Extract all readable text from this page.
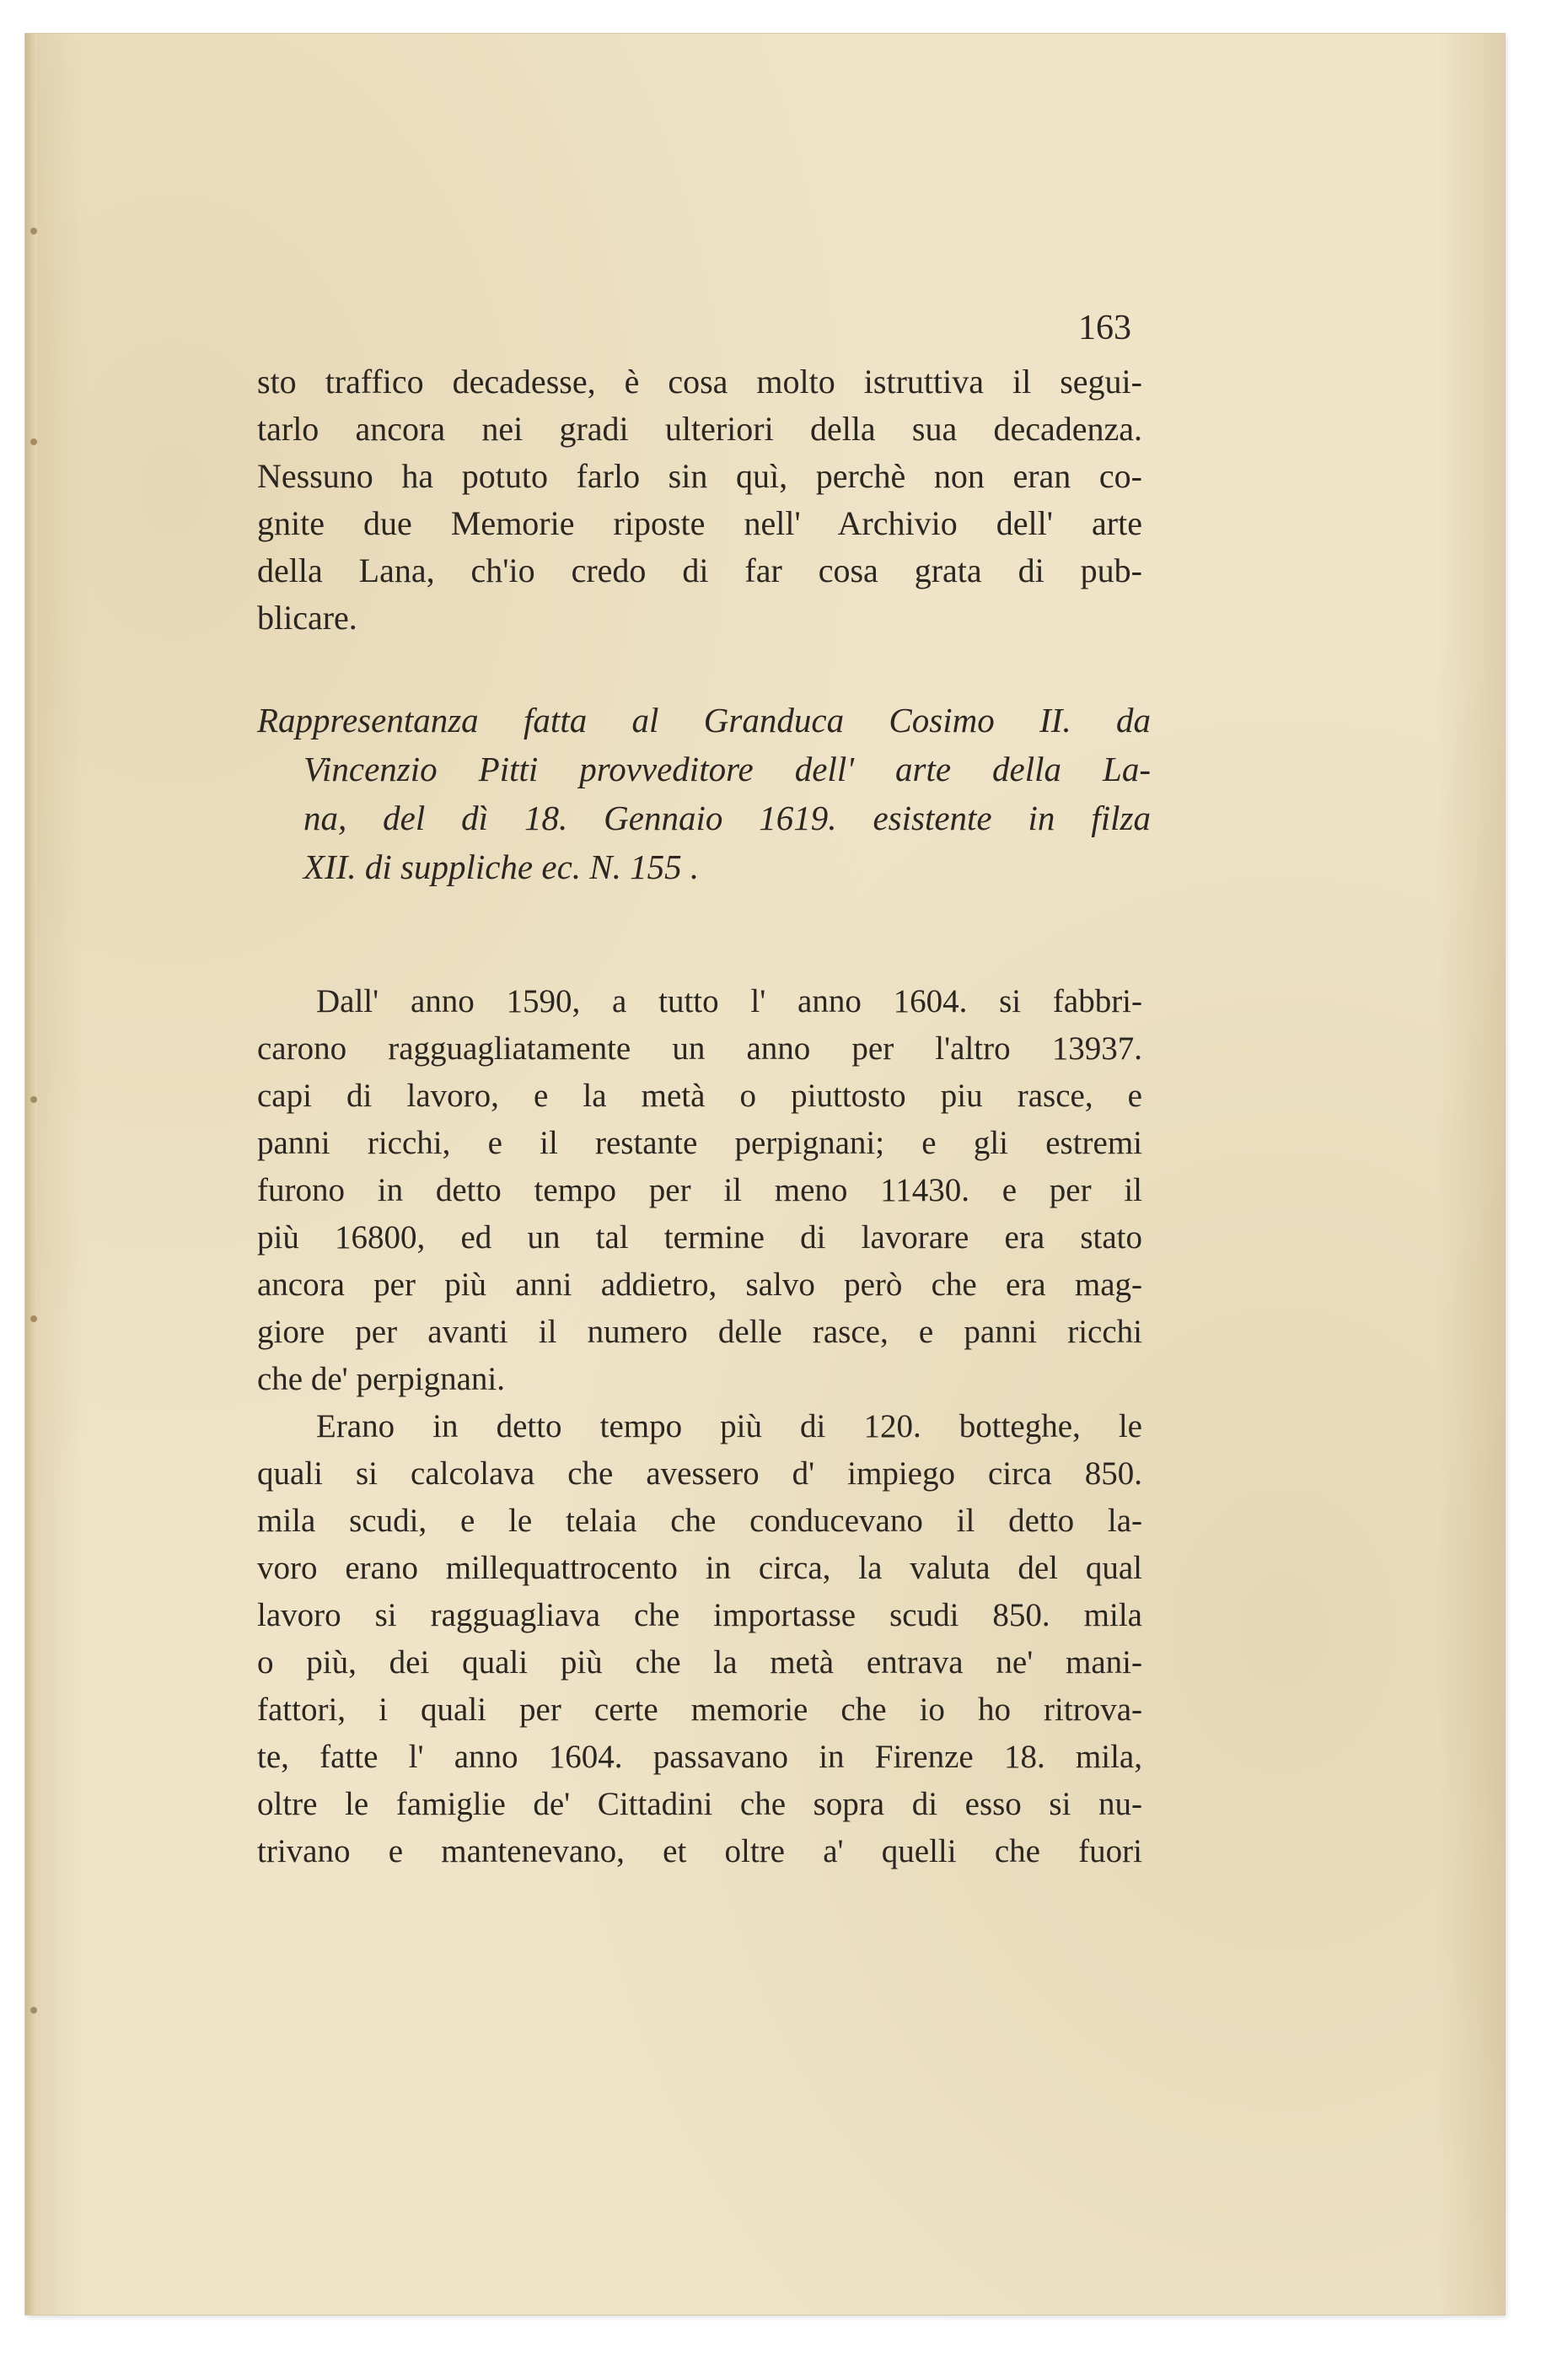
163
sto traffico decadesse, è cosa molto istruttiva il segui-
tarlo ancora nei gradi ulteriori della sua decadenza.
Nessuno ha potuto farlo sin quì, perchè non eran co-
gnite due Memorie riposte nell' Archivio dell' arte
della Lana, ch'io credo di far cosa grata di pub-
blicare.
Rappresentanza fatta al Granduca Cosimo II. da
Vincenzio Pitti provveditore dell' arte della La-
na, del dì 18. Gennaio 1619. esistente in filza
XII. di suppliche ec. N. 155 .
Dall' anno 1590, a tutto l' anno 1604. si fabbri-
carono ragguagliatamente un anno per l'altro 13937.
capi di lavoro, e la metà o piuttosto piu rasce, e
panni ricchi, e il restante perpignani; e gli estremi
furono in detto tempo per il meno 11430. e per il
più 16800, ed un tal termine di lavorare era stato
ancora per più anni addietro, salvo però che era mag-
giore per avanti il numero delle rasce, e panni ricchi
che de' perpignani.
Erano in detto tempo più di 120. botteghe, le
quali si calcolava che avessero d' impiego circa 850.
mila scudi, e le telaia che conducevano il detto la-
voro erano millequattrocento in circa, la valuta del qual
lavoro si ragguagliava che importasse scudi 850. mila
o più, dei quali più che la metà entrava ne' mani-
fattori, i quali per certe memorie che io ho ritrova-
te, fatte l' anno 1604. passavano in Firenze 18. mila,
oltre le famiglie de' Cittadini che sopra di esso si nu-
trivano e mantenevano, et oltre a' quelli che fuori
